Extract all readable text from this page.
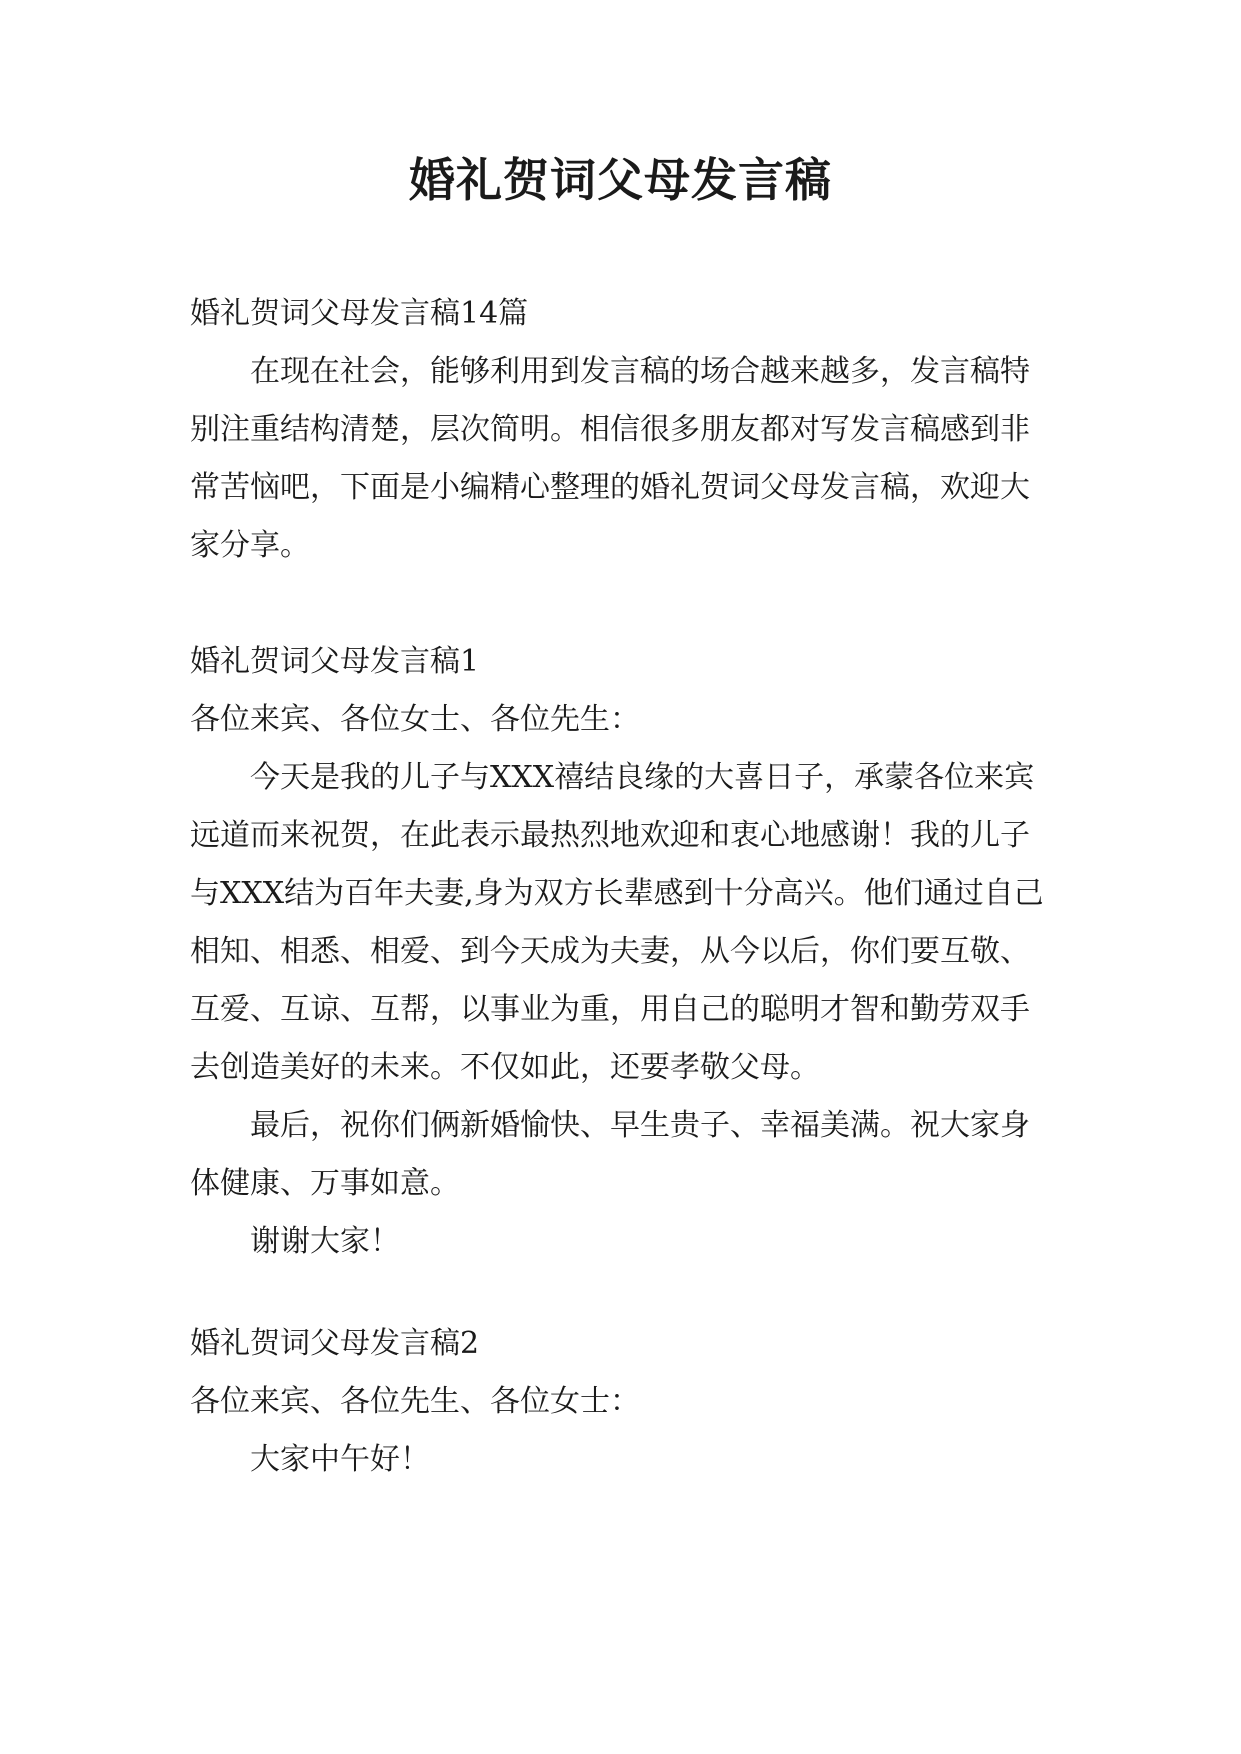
婚礼贺词父母发言稿

婚礼贺词父母发言稿14篇

在现在社会，能够利用到发言稿的场合越来越多，发言稿特别注重结构清楚，层次简明。相信很多朋友都对写发言稿感到非常苦恼吧，下面是小编精心整理的婚礼贺词父母发言稿，欢迎大家分享。

婚礼贺词父母发言稿1

各位来宾、各位女士、各位先生：

今天是我的儿子与XXX禧结良缘的大喜日子，承蒙各位来宾远道而来祝贺，在此表示最热烈地欢迎和衷心地感谢！我的儿子与XXX结为百年夫妻,身为双方长辈感到十分高兴。他们通过自己相知、相悉、相爱、到今天成为夫妻，从今以后，你们要互敬、互爱、互谅、互帮，以事业为重，用自己的聪明才智和勤劳双手去创造美好的未来。不仅如此，还要孝敬父母。

最后，祝你们俩新婚愉快、早生贵子、幸福美满。祝大家身体健康、万事如意。

谢谢大家！

婚礼贺词父母发言稿2

各位来宾、各位先生、各位女士：

大家中午好！
